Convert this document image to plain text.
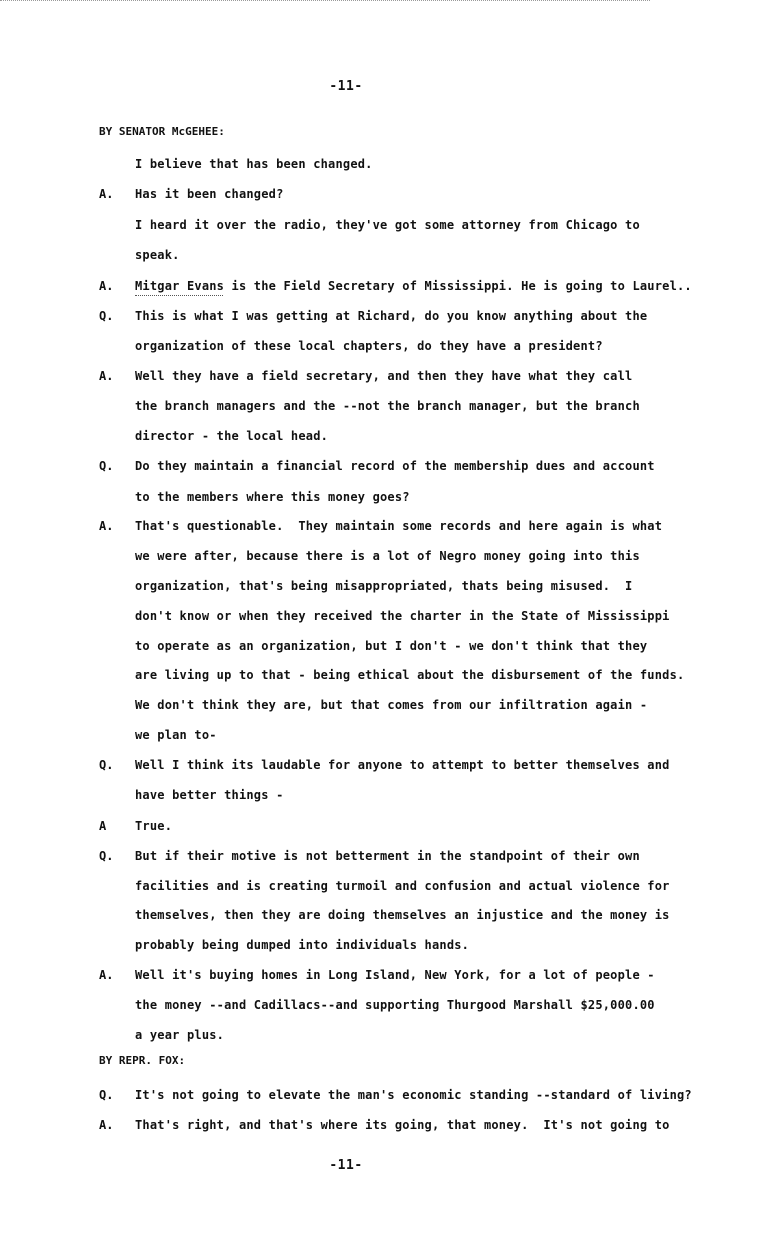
-11-
BY SENATOR McGEHEE:
I believe that has been changed.
A. Has it been changed?
I heard it over the radio, they've got some attorney from Chicago to
speak.
A. Mitgar Evans is the Field Secretary of Mississippi. He is going to Laurel..
Q. This is what I was getting at Richard, do you know anything about the
organization of these local chapters, do they have a president?
A. Well they have a field secretary, and then they have what they call
the branch managers and the --not the branch manager, but the branch
director - the local head.
Q. Do they maintain a financial record of the membership dues and account
to the members where this money goes?
A. That's questionable.  They maintain some records and here again is what
we were after, because there is a lot of Negro money going into this
organization, that's being misappropriated, thats being misused.  I
don't know or when they received the charter in the State of Mississippi
to operate as an organization, but I don't - we don't think that they
are living up to that - being ethical about the disbursement of the funds.
We don't think they are, but that comes from our infiltration again -
we plan to-
Q. Well I think its laudable for anyone to attempt to better themselves and
have better things -
A True.
Q. But if their motive is not betterment in the standpoint of their own
facilities and is creating turmoil and confusion and actual violence for
themselves, then they are doing themselves an injustice and the money is
probably being dumped into individuals hands.
A. Well it's buying homes in Long Island, New York, for a lot of people -
the money --and Cadillacs--and supporting Thurgood Marshall $25,000.00
a year plus.
BY REPR. FOX:
Q. It's not going to elevate the man's economic standing --standard of living?
A. That's right, and that's where its going, that money.  It's not going to
-11-
